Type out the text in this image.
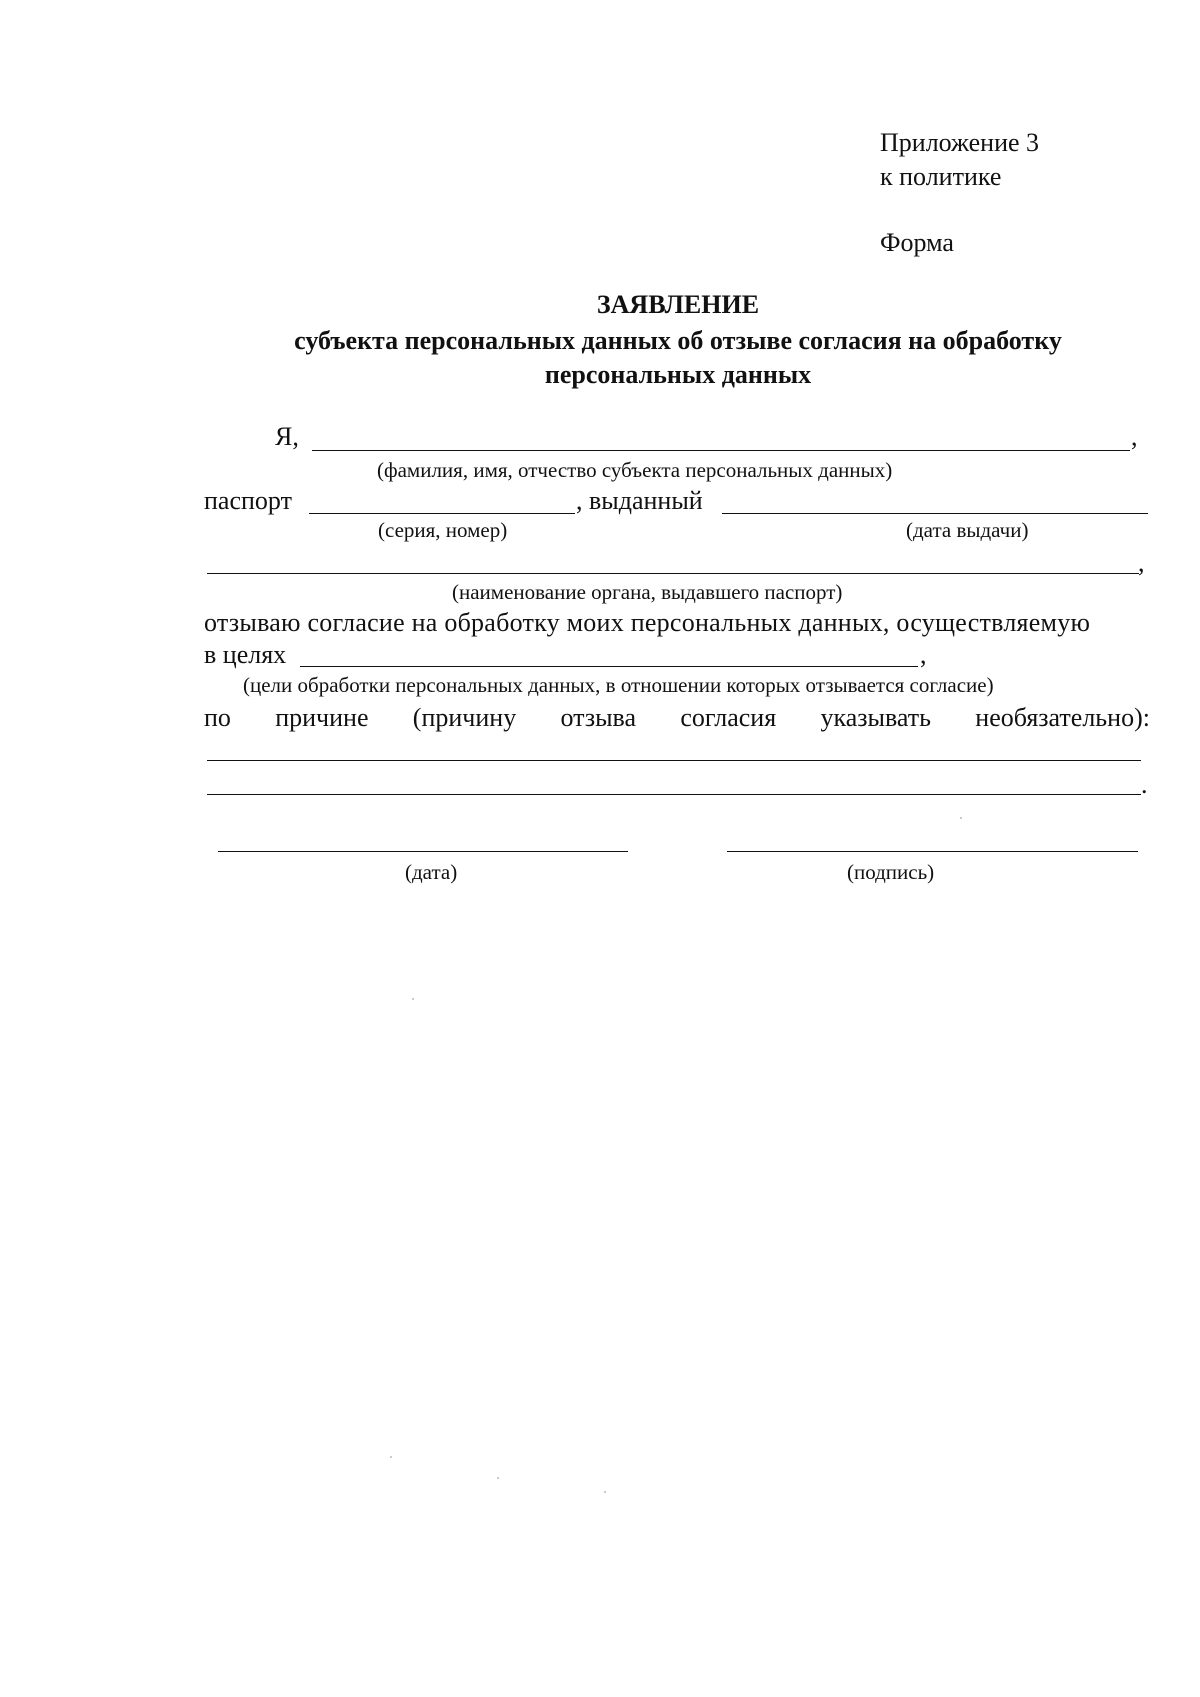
Приложение 3
к политике
Форма
ЗАЯВЛЕНИЕ
субъекта персональных данных об отзыве согласия на обработку
персональных данных
Я,	,
(фамилия, имя, отчество субъекта персональных данных)
паспорт	, выданный
(серия, номер)	(дата выдачи)
,
(наименование органа, выдавшего паспорт)
отзываю согласие на обработку моих персональных данных, осуществляемую
в целях	,
(цели обработки персональных данных, в отношении которых отзывается согласие)
по причине (причину отзыва согласия указывать необязательно):
.
(дата)	(подпись)
